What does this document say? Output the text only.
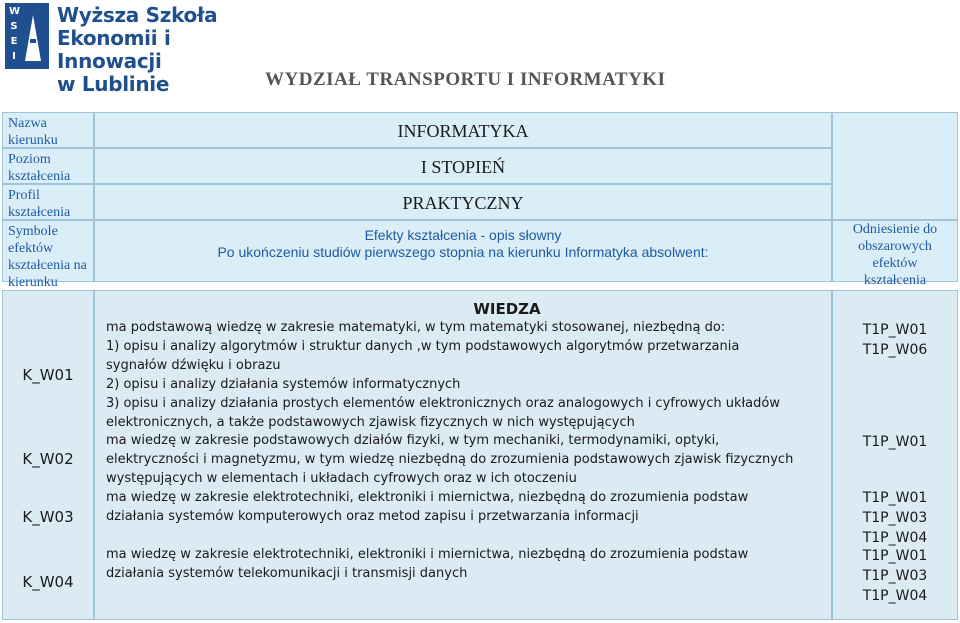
W
S
E
I
Wyższa Szkoła
Ekonomii i Innowacji
w Lublinie	WYDZIAŁ TRANSPORTU I INFORMATYKI
Nazwa
kierunku
Poziom
kształcenia
Profil
kształcenia
Symbole
efektów
kształcenia na
kierunku
INFORMATYKA
I STOPIEŃ
PRAKTYCZNY
Efekty kształcenia - opis słowny
Po ukończeniu studiów pierwszego stopnia na kierunku Informatyka absolwent:
Odniesienie do
obszarowych
efektów
kształcenia
WIEDZA
K_W01

ma podstawową wiedzę w zakresie matematyki, w tym matematyki stosowanej, niezbędną do:

1) opisu i analizy algorytmów i struktur danych ,w tym podstawowych algorytmów przetwarzania

sygnałów dźwięku i obrazu

2) opisu i analizy działania systemów informatycznych

3) opisu i analizy działania prostych elementów elektronicznych oraz analogowych i cyfrowych układów

elektronicznych, a także podstawowych zjawisk fizycznych w nich występujących

T1P_W01

T1P_W06

K_W02

ma wiedzę w zakresie podstawowych działów fizyki, w tym mechaniki, termodynamiki, optyki,

elektryczności i magnetyzmu, w tym wiedzę niezbędną do zrozumienia podstawowych zjawisk fizycznych

występujących w elementach i układach cyfrowych oraz w ich otoczeniu

T1P_W01

K_W03

ma wiedzę w zakresie elektrotechniki, elektroniki i miernictwa, niezbędną do zrozumienia podstaw

działania systemów komputerowych oraz metod zapisu i przetwarzania informacji

T1P_W01

T1P_W03

T1P_W04

K_W04

ma wiedzę w zakresie elektrotechniki, elektroniki i miernictwa, niezbędną do zrozumienia podstaw

działania systemów telekomunikacji i transmisji danych

T1P_W01

T1P_W03

T1P_W04
